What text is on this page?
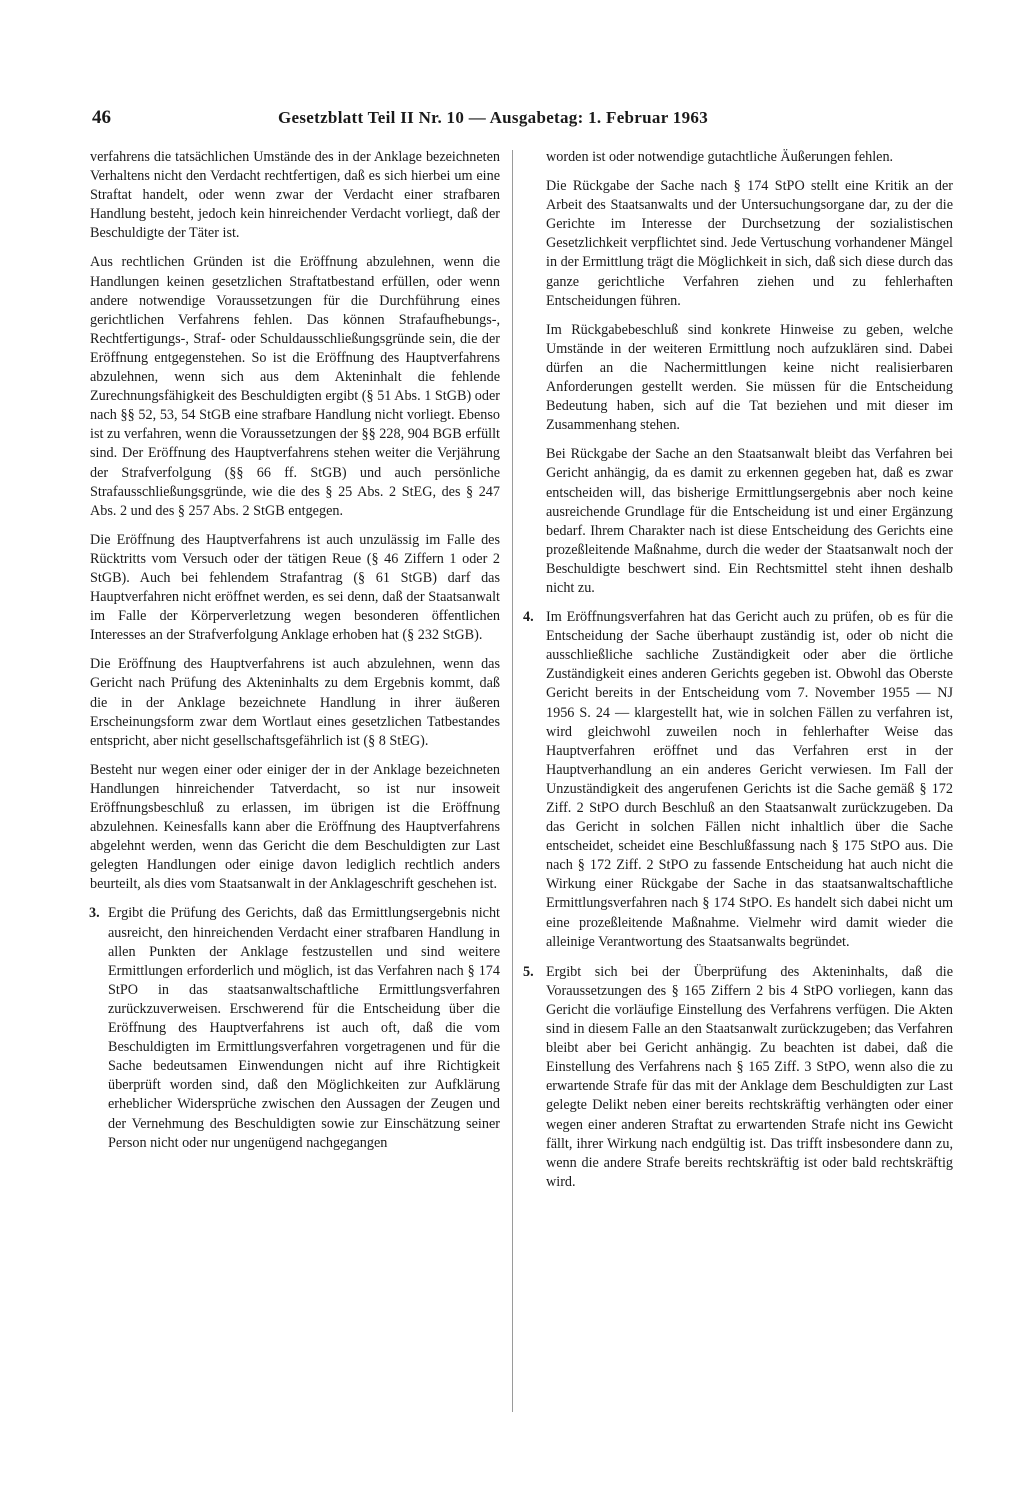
46	Gesetzblatt Teil II Nr. 10 — Ausgabetag: 1. Februar 1963

verfahrens die tatsächlichen Umstände des in der Anklage bezeichneten Verhaltens nicht den Verdacht rechtfertigen, daß es sich hierbei um eine Straftat handelt, oder wenn zwar der Verdacht einer strafbaren Handlung besteht, jedoch kein hinreichender Verdacht vorliegt, daß der Beschuldigte der Täter ist.

Aus rechtlichen Gründen ist die Eröffnung abzulehnen, wenn die Handlungen keinen gesetzlichen Straftatbestand erfüllen, oder wenn andere notwendige Voraussetzungen für die Durchführung eines gerichtlichen Verfahrens fehlen. Das können Strafaufhebungs-, Rechtfertigungs-, Straf- oder Schuldausschließungsgründe sein, die der Eröffnung entgegenstehen. So ist die Eröffnung des Hauptverfahrens abzulehnen, wenn sich aus dem Akteninhalt die fehlende Zurechnungsfähigkeit des Beschuldigten ergibt (§ 51 Abs. 1 StGB) oder nach §§ 52, 53, 54 StGB eine strafbare Handlung nicht vorliegt. Ebenso ist zu verfahren, wenn die Voraussetzungen der §§ 228, 904 BGB erfüllt sind. Der Eröffnung des Hauptverfahrens stehen weiter die Verjährung der Strafverfolgung (§§ 66 ff. StGB) und auch persönliche Strafausschließungsgründe, wie die des § 25 Abs. 2 StEG, des § 247 Abs. 2 und des § 257 Abs. 2 StGB entgegen.

Die Eröffnung des Hauptverfahrens ist auch unzulässig im Falle des Rücktritts vom Versuch oder der tätigen Reue (§ 46 Ziffern 1 oder 2 StGB). Auch bei fehlendem Strafantrag (§ 61 StGB) darf das Hauptverfahren nicht eröffnet werden, es sei denn, daß der Staatsanwalt im Falle der Körperverletzung wegen besonderen öffentlichen Interesses an der Strafverfolgung Anklage erhoben hat (§ 232 StGB).

Die Eröffnung des Hauptverfahrens ist auch abzulehnen, wenn das Gericht nach Prüfung des Akteninhalts zu dem Ergebnis kommt, daß die in der Anklage bezeichnete Handlung in ihrer äußeren Erscheinungsform zwar dem Wortlaut eines gesetzlichen Tatbestandes entspricht, aber nicht gesellschaftsgefährlich ist (§ 8 StEG).

Besteht nur wegen einer oder einiger der in der Anklage bezeichneten Handlungen hinreichender Tatverdacht, so ist nur insoweit Eröffnungsbeschluß zu erlassen, im übrigen ist die Eröffnung abzulehnen. Keinesfalls kann aber die Eröffnung des Hauptverfahrens abgelehnt werden, wenn das Gericht die dem Beschuldigten zur Last gelegten Handlungen oder einige davon lediglich rechtlich anders beurteilt, als dies vom Staatsanwalt in der Anklageschrift geschehen ist.

3. Ergibt die Prüfung des Gerichts, daß das Ermittlungsergebnis nicht ausreicht, den hinreichenden Verdacht einer strafbaren Handlung in allen Punkten der Anklage festzustellen und sind weitere Ermittlungen erforderlich und möglich, ist das Verfahren nach § 174 StPO in das staatsanwaltschaftliche Ermittlungsverfahren zurückzuverweisen. Erschwerend für die Entscheidung über die Eröffnung des Hauptverfahrens ist auch oft, daß die vom Beschuldigten im Ermittlungsverfahren vorgetragenen und für die Sache bedeutsamen Einwendungen nicht auf ihre Richtigkeit überprüft worden sind, daß den Möglichkeiten zur Aufklärung erheblicher Widersprüche zwischen den Aussagen der Zeugen und der Vernehmung des Beschuldigten sowie zur Einschätzung seiner Person nicht oder nur ungenügend nachgegangen

worden ist oder notwendige gutachtliche Äußerungen fehlen.

Die Rückgabe der Sache nach § 174 StPO stellt eine Kritik an der Arbeit des Staatsanwalts und der Untersuchungsorgane dar, zu der die Gerichte im Interesse der Durchsetzung der sozialistischen Gesetzlichkeit verpflichtet sind. Jede Vertuschung vorhandener Mängel in der Ermittlung trägt die Möglichkeit in sich, daß sich diese durch das ganze gerichtliche Verfahren ziehen und zu fehlerhaften Entscheidungen führen.

Im Rückgabebeschluß sind konkrete Hinweise zu geben, welche Umstände in der weiteren Ermittlung noch aufzuklären sind. Dabei dürfen an die Nachermittlungen keine nicht realisierbaren Anforderungen gestellt werden. Sie müssen für die Entscheidung Bedeutung haben, sich auf die Tat beziehen und mit dieser im Zusammenhang stehen.

Bei Rückgabe der Sache an den Staatsanwalt bleibt das Verfahren bei Gericht anhängig, da es damit zu erkennen gegeben hat, daß es zwar entscheiden will, das bisherige Ermittlungsergebnis aber noch keine ausreichende Grundlage für die Entscheidung ist und einer Ergänzung bedarf. Ihrem Charakter nach ist diese Entscheidung des Gerichts eine prozeßleitende Maßnahme, durch die weder der Staatsanwalt noch der Beschuldigte beschwert sind. Ein Rechtsmittel steht ihnen deshalb nicht zu.

4. Im Eröffnungsverfahren hat das Gericht auch zu prüfen, ob es für die Entscheidung der Sache überhaupt zuständig ist, oder ob nicht die ausschließliche sachliche Zuständigkeit oder aber die örtliche Zuständigkeit eines anderen Gerichts gegeben ist. Obwohl das Oberste Gericht bereits in der Entscheidung vom 7. November 1955 — NJ 1956 S. 24 — klargestellt hat, wie in solchen Fällen zu verfahren ist, wird gleichwohl zuweilen noch in fehlerhafter Weise das Hauptverfahren eröffnet und das Verfahren erst in der Hauptverhandlung an ein anderes Gericht verwiesen. Im Fall der Unzuständigkeit des angerufenen Gerichts ist die Sache gemäß § 172 Ziff. 2 StPO durch Beschluß an den Staatsanwalt zurückzugeben. Da das Gericht in solchen Fällen nicht inhaltlich über die Sache entscheidet, scheidet eine Beschlußfassung nach § 175 StPO aus. Die nach § 172 Ziff. 2 StPO zu fassende Entscheidung hat auch nicht die Wirkung einer Rückgabe der Sache in das staatsanwaltschaftliche Ermittlungsverfahren nach § 174 StPO. Es handelt sich dabei nicht um eine prozeßleitende Maßnahme. Vielmehr wird damit wieder die alleinige Verantwortung des Staatsanwalts begründet.
5. Ergibt sich bei der Überprüfung des Akteninhalts, daß die Voraussetzungen des § 165 Ziffern 2 bis 4 StPO vorliegen, kann das Gericht die vorläufige Einstellung des Verfahrens verfügen. Die Akten sind in diesem Falle an den Staatsanwalt zurückzugeben; das Verfahren bleibt aber bei Gericht anhängig. Zu beachten ist dabei, daß die Einstellung des Verfahrens nach § 165 Ziff. 3 StPO, wenn also die zu erwartende Strafe für das mit der Anklage dem Beschuldigten zur Last gelegte Delikt neben einer bereits rechtskräftig verhängten oder einer wegen einer anderen Straftat zu erwartenden Strafe nicht ins Gewicht fällt, ihrer Wirkung nach endgültig ist. Das trifft insbesondere dann zu, wenn die andere Strafe bereits rechtskräftig ist oder bald rechtskräftig wird.
